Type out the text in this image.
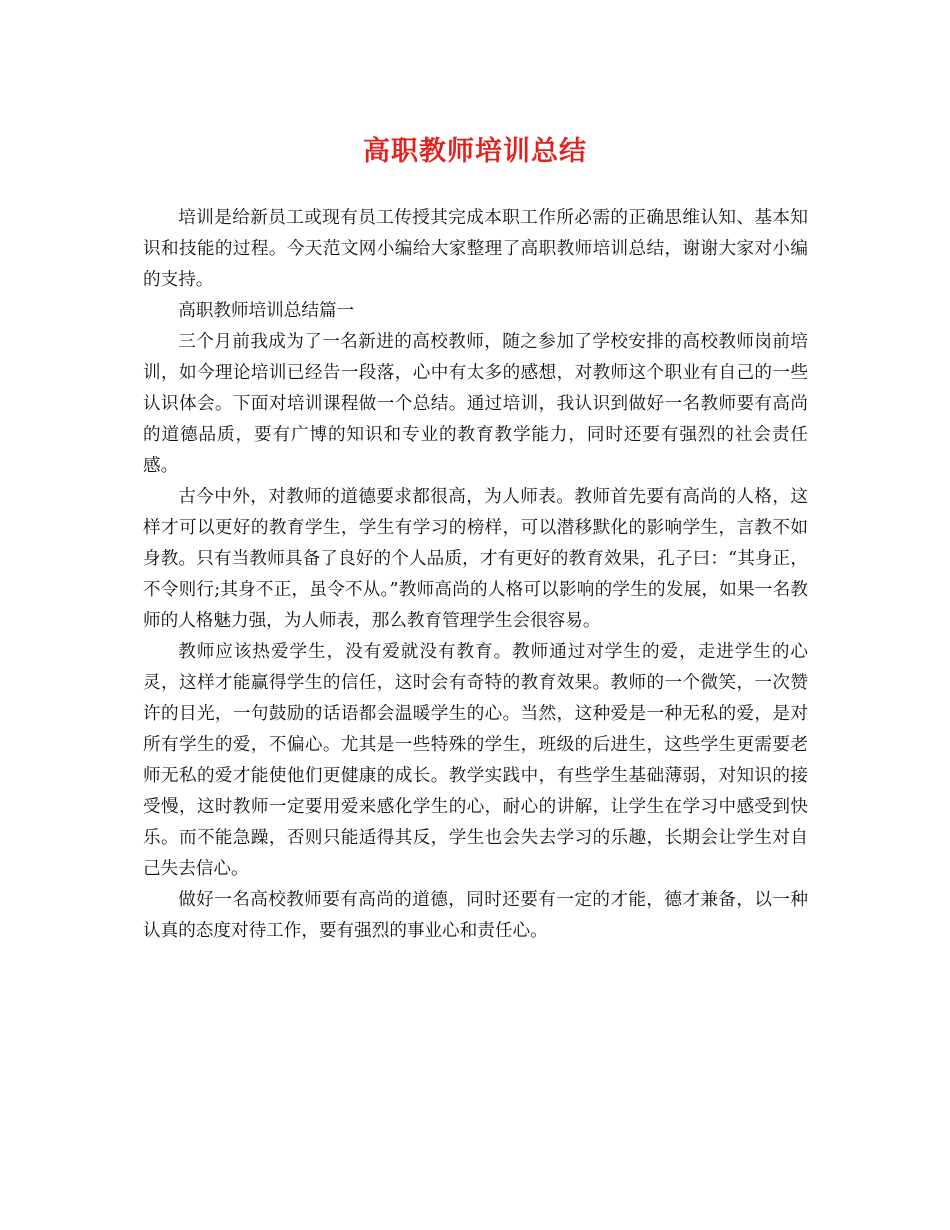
高职教师培训总结

培训是给新员工或现有员工传授其完成本职工作所必需的正确思维认知、基本知识和技能的过程。今天范文网小编给大家整理了高职教师培训总结，谢谢大家对小编的支持。

高职教师培训总结篇一

三个月前我成为了一名新进的高校教师，随之参加了学校安排的高校教师岗前培训，如今理论培训已经告一段落，心中有太多的感想，对教师这个职业有自己的一些认识体会。下面对培训课程做一个总结。通过培训，我认识到做好一名教师要有高尚的道德品质，要有广博的知识和专业的教育教学能力，同时还要有强烈的社会责任感。

古今中外，对教师的道德要求都很高，为人师表。教师首先要有高尚的人格，这样才可以更好的教育学生，学生有学习的榜样，可以潜移默化的影响学生，言教不如身教。只有当教师具备了良好的个人品质，才有更好的教育效果，孔子曰：“其身正，不令则行;其身不正，虽令不从。”教师高尚的人格可以影响的学生的发展，如果一名教师的人格魅力强，为人师表，那么教育管理学生会很容易。

教师应该热爱学生，没有爱就没有教育。教师通过对学生的爱，走进学生的心灵，这样才能赢得学生的信任，这时会有奇特的教育效果。教师的一个微笑，一次赞许的目光，一句鼓励的话语都会温暖学生的心。当然，这种爱是一种无私的爱，是对所有学生的爱，不偏心。尤其是一些特殊的学生，班级的后进生，这些学生更需要老师无私的爱才能使他们更健康的成长。教学实践中，有些学生基础薄弱，对知识的接受慢，这时教师一定要用爱来感化学生的心，耐心的讲解，让学生在学习中感受到快乐。而不能急躁，否则只能适得其反，学生也会失去学习的乐趣，长期会让学生对自己失去信心。

做好一名高校教师要有高尚的道德，同时还要有一定的才能，德才兼备，以一种认真的态度对待工作，要有强烈的事业心和责任心。
